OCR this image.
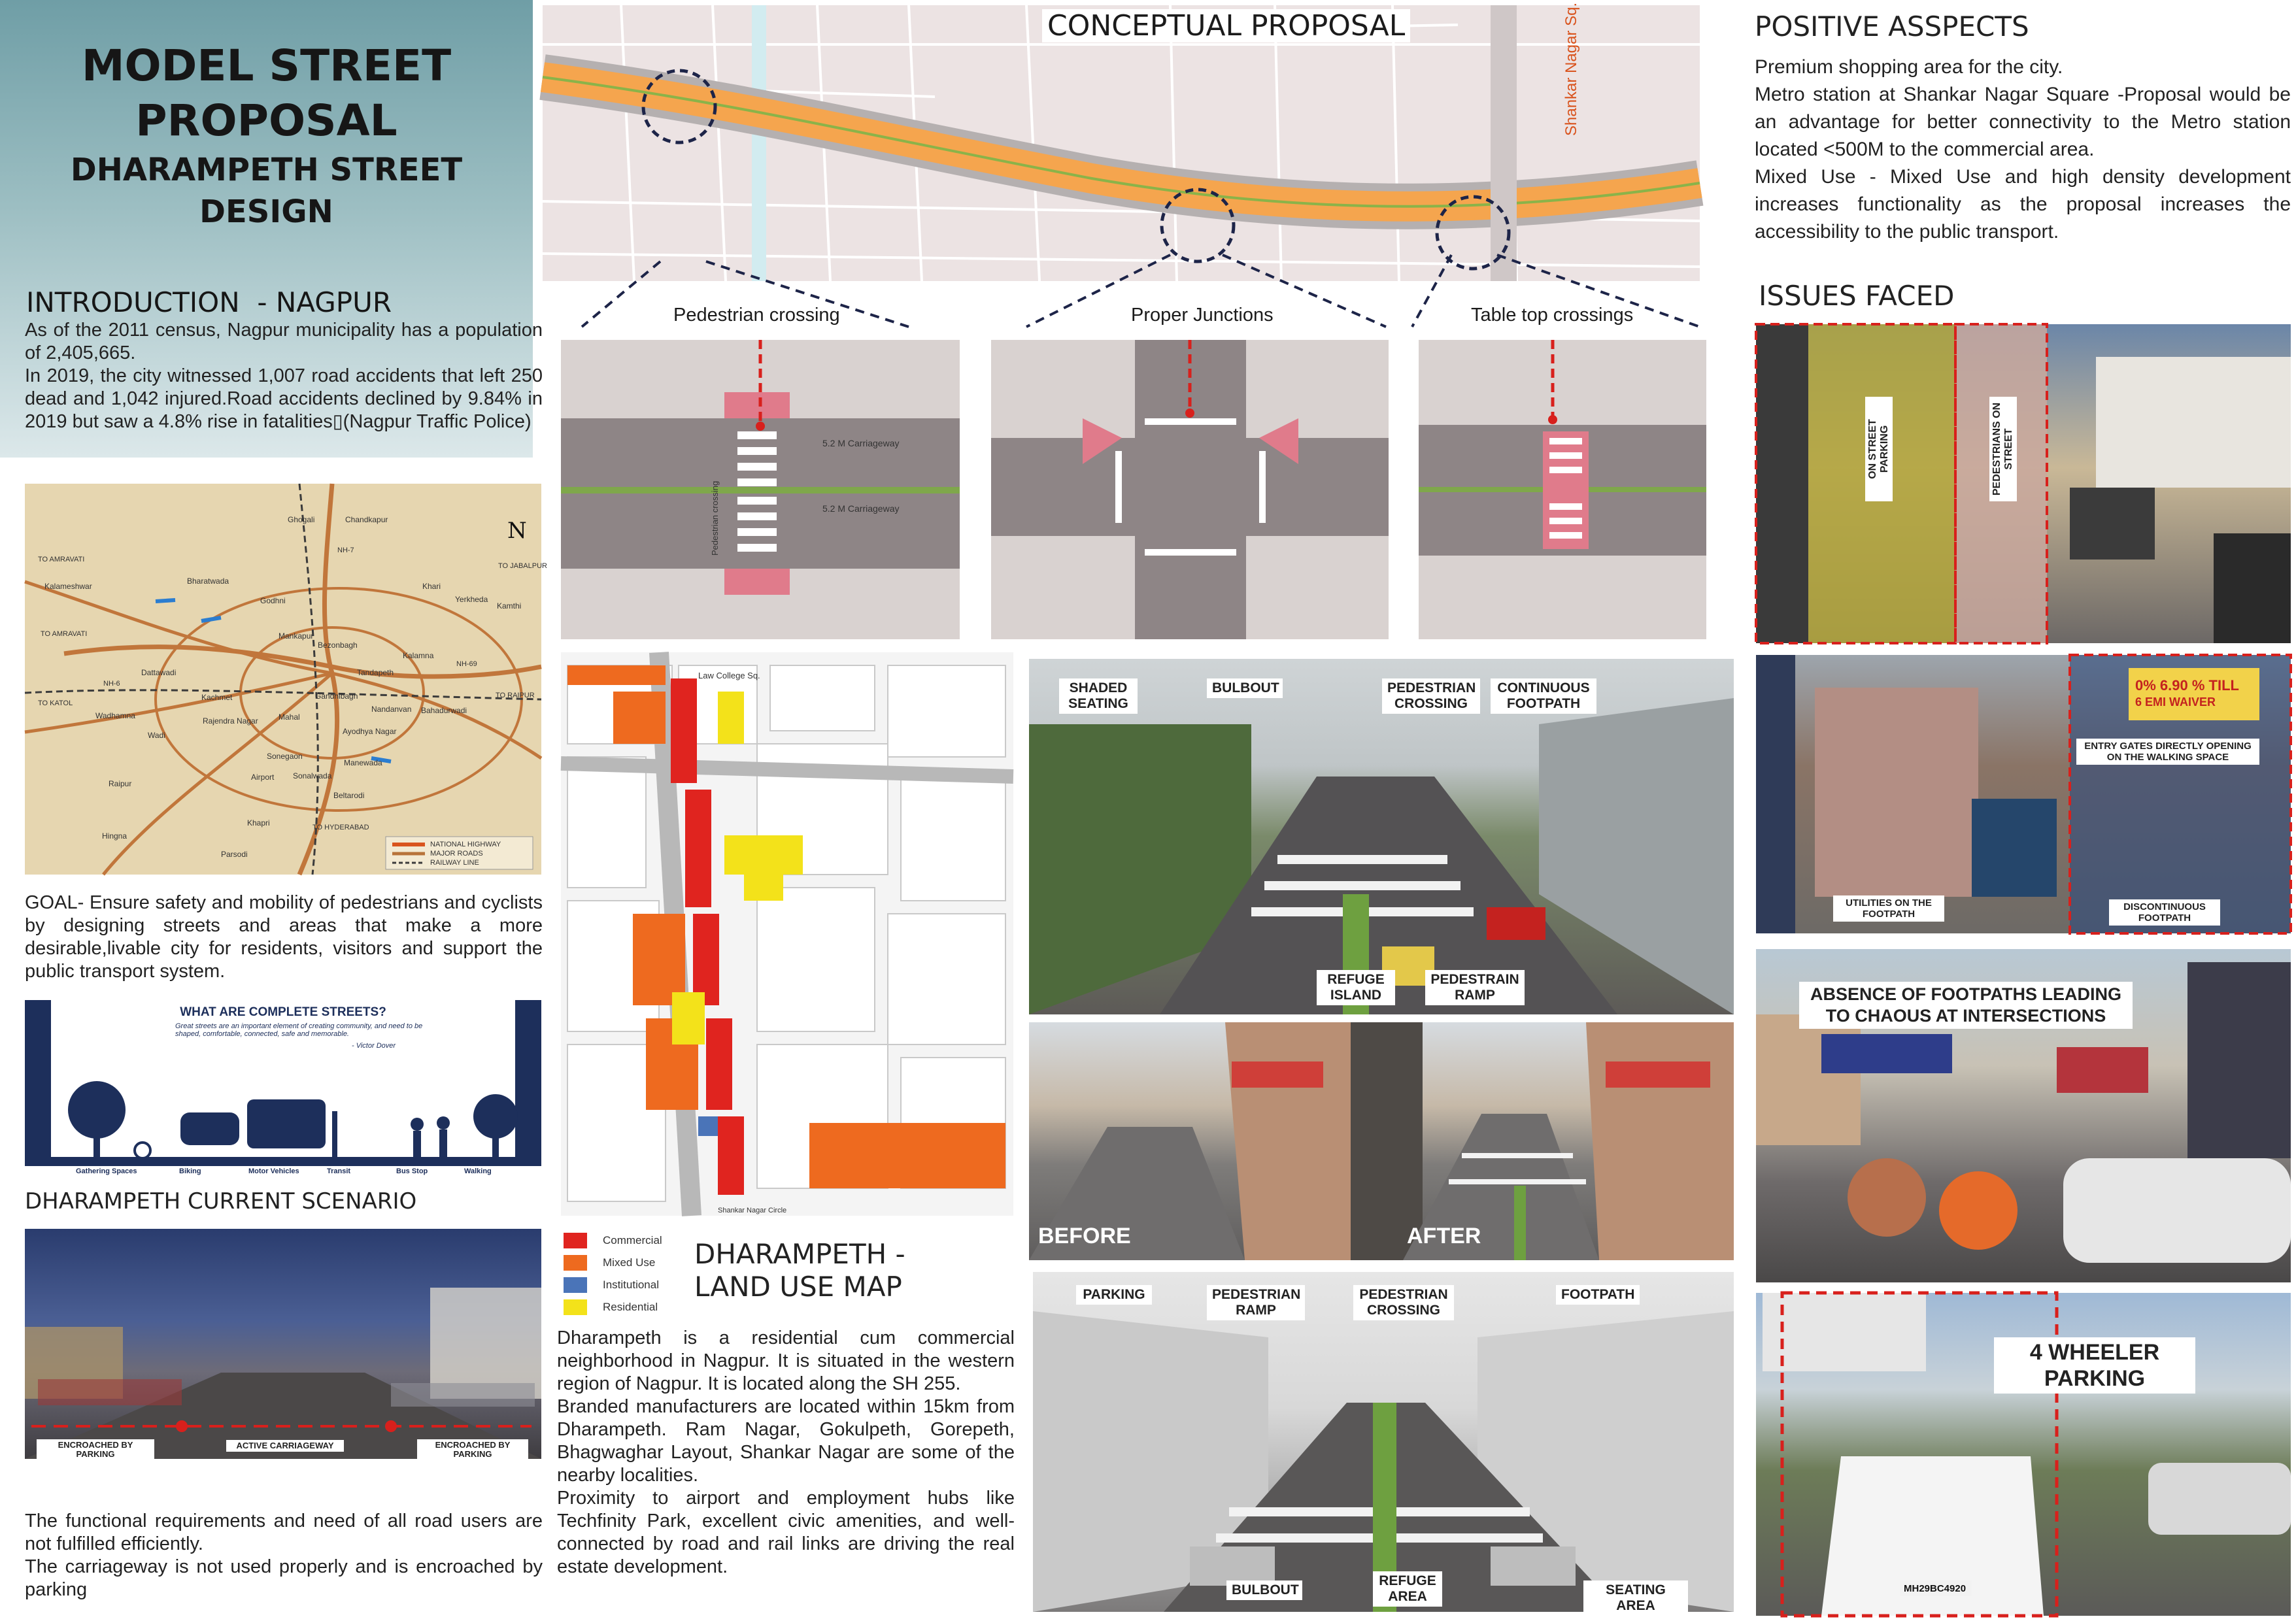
MODEL STREET
PROPOSAL
DHARAMPETH STREET
DESIGN
INTRODUCTION  - NAGPUR

As of the 2011 census, Nagpur municipality has a population of 2,405,665.

In 2019, the city witnessed 1,007 road accidents that left 250 dead and 1,042 injured.Road accidents declined by 9.84% in 2019 but saw a 4.8% rise in fatalities▯(Nagpur Traffic Police)

N
Ghogali	Chandkapur
Bharatwada
Godhni
Khari
Yerkheda
Kamthi
Kalameshwar
Mankapur
Bezonbagh
Kalamna
Kachmet
Tandapeth
Nandanvan Bahadurwadi
Wadhamna
Rajendra Nagar
Gandhibagh
Ayodhya Nagar
Wadi
Sonegaon
Manewada
Airport Sonalwada
Beltarodi
Khapri
Parsodi
Raipur
Hingna
Mahal
Dattawadi
TO AMRAVATI
TO JABALPUR
TO KATOL
TO RAIPUR
TO HYDERABAD
NH-6
NH-7
NH-69
TO AMRAVATI
NATIONAL HIGHWAY
MAJOR ROADS
RAILWAY LINE
GOAL- Ensure safety and mobility of pedestrians and cyclists by designing streets and areas that make a more desirable,livable city for residents, visitors and support the public transport system.
WHAT ARE COMPLETE STREETS?
Great streets are an important element of creating community, and need to be shaped, comfortable, connected, safe and memorable.
- Victor Dover
Gathering Spaces	Biking	Motor Vehicles	Transit	Bus Stop	Walking
DHARAMPETH CURRENT SCENARIO
ENCROACHED BY PARKING
ACTIVE CARRIAGEWAY	ENCROACHED BY PARKING

The functional requirements and need of all road users are not fulfilled efficiently.

The carriageway is not used properly and is encroached by parking

CONCEPTUAL PROPOSAL	Shankar Nagar Sq.
Pedestrian crossing	Proper Junctions	Table top crossings
5.2 M Carriageway
5.2 M Carriageway
Pedestrian crossing
Law College Sq.
Shankar Nagar Circle
Commercial
Mixed Use
Institutional
Residential
DHARAMPETH -
LAND USE MAP

Dharampeth is a residential cum commercial neighborhood in Nagpur. It is situated in the western region of Nagpur. It is located along the SH 255.

Branded manufacturers are located within 15km from Dharampeth. Ram Nagar, Gokulpeth, Gorepeth, Bhagwaghar Layout, Shankar Nagar are some of the nearby localities.

Proximity to airport and employment hubs like Techfinity Park, excellent civic amenities, and well-connected by road and rail links are driving the real estate development.

SHADED SEATING
BULBOUT	PEDESTRIAN CROSSING
CONTINUOUS FOOTPATH
REFUGE ISLAND
PEDESTRAIN RAMP
BEFORE	AFTER
PARKING	PEDESTRIAN RAMP
PEDESTRIAN CROSSING
FOOTPATH
BULBOUT
REFUGE AREA	SEATING AREA
POSITIVE ASSPECTS

Premium shopping area for the city.

Metro station at Shankar Nagar Square -Proposal would be an advantage for better connectivity to the Metro station located <500M to the commercial area.

Mixed Use - Mixed Use and high density development increases functionality as the proposal increases the accessibility to the public transport.

ISSUES FACED
ON STREET PARKING	PEDESTRIANS ON STREET
0% 6.90 % TILL
6 EMI WAIVER
ENTRY GATES DIRECTLY OPENING ON THE WALKING SPACE
UTILITIES ON THE FOOTPATH
DISCONTINUOUS FOOTPATH
ABSENCE OF FOOTPATHS LEADING TO CHAOUS AT INTERSECTIONS
MH29BC4920
4 WHEELER PARKING
